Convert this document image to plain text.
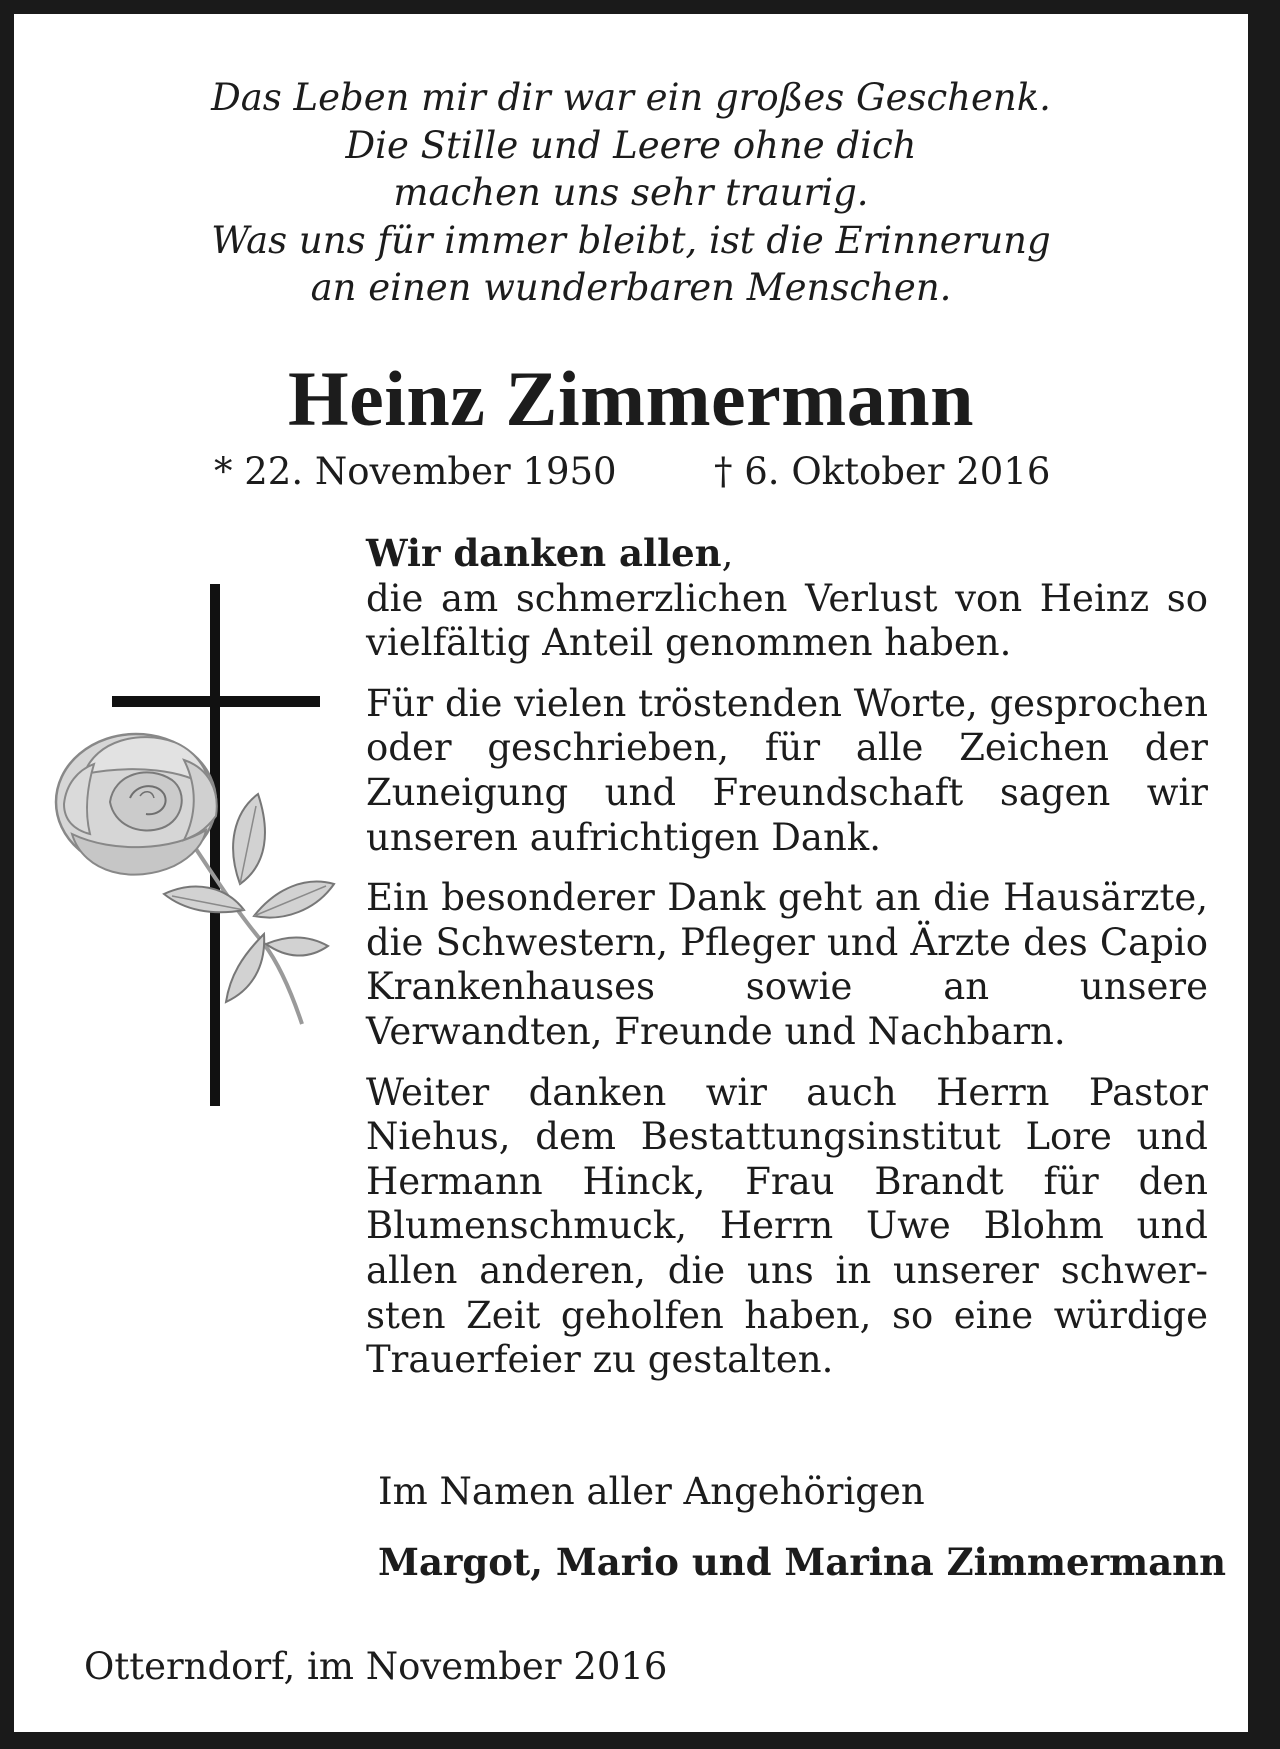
Das Leben mir dir war ein großes Geschenk.
Die Stille und Leere ohne dich
machen uns sehr traurig.
Was uns für immer bleibt, ist die Erinnerung
an einen wunderbaren Menschen.
Heinz Zimmermann
* 22. November 1950	† 6. Oktober 2016

Wir danken allen,

die am schmerzlichen Verlust von Heinz so vielfältig Anteil genommen haben.

Für die vielen tröstenden Worte, gesprochen oder geschrieben, für alle Zeichen der Zuneigung und Freundschaft sagen wir unseren aufrichtigen Dank.

Ein besonderer Dank geht an die Hausärzte, die Schwestern, Pfleger und Ärzte des Capio Krankenhauses sowie an unsere Verwandten, Freunde und Nachbarn.

Weiter danken wir auch Herrn Pastor Niehus, dem Bestattungsinstitut Lore und Hermann Hinck, Frau Brandt für den Blumenschmuck, Herrn Uwe Blohm und allen anderen, die uns in unserer schwersten Zeit geholfen haben, so eine würdige Trauerfeier zu gestalten.

Im Namen aller Angehörigen
Margot, Mario und Marina Zimmermann
Otterndorf, im November 2016
